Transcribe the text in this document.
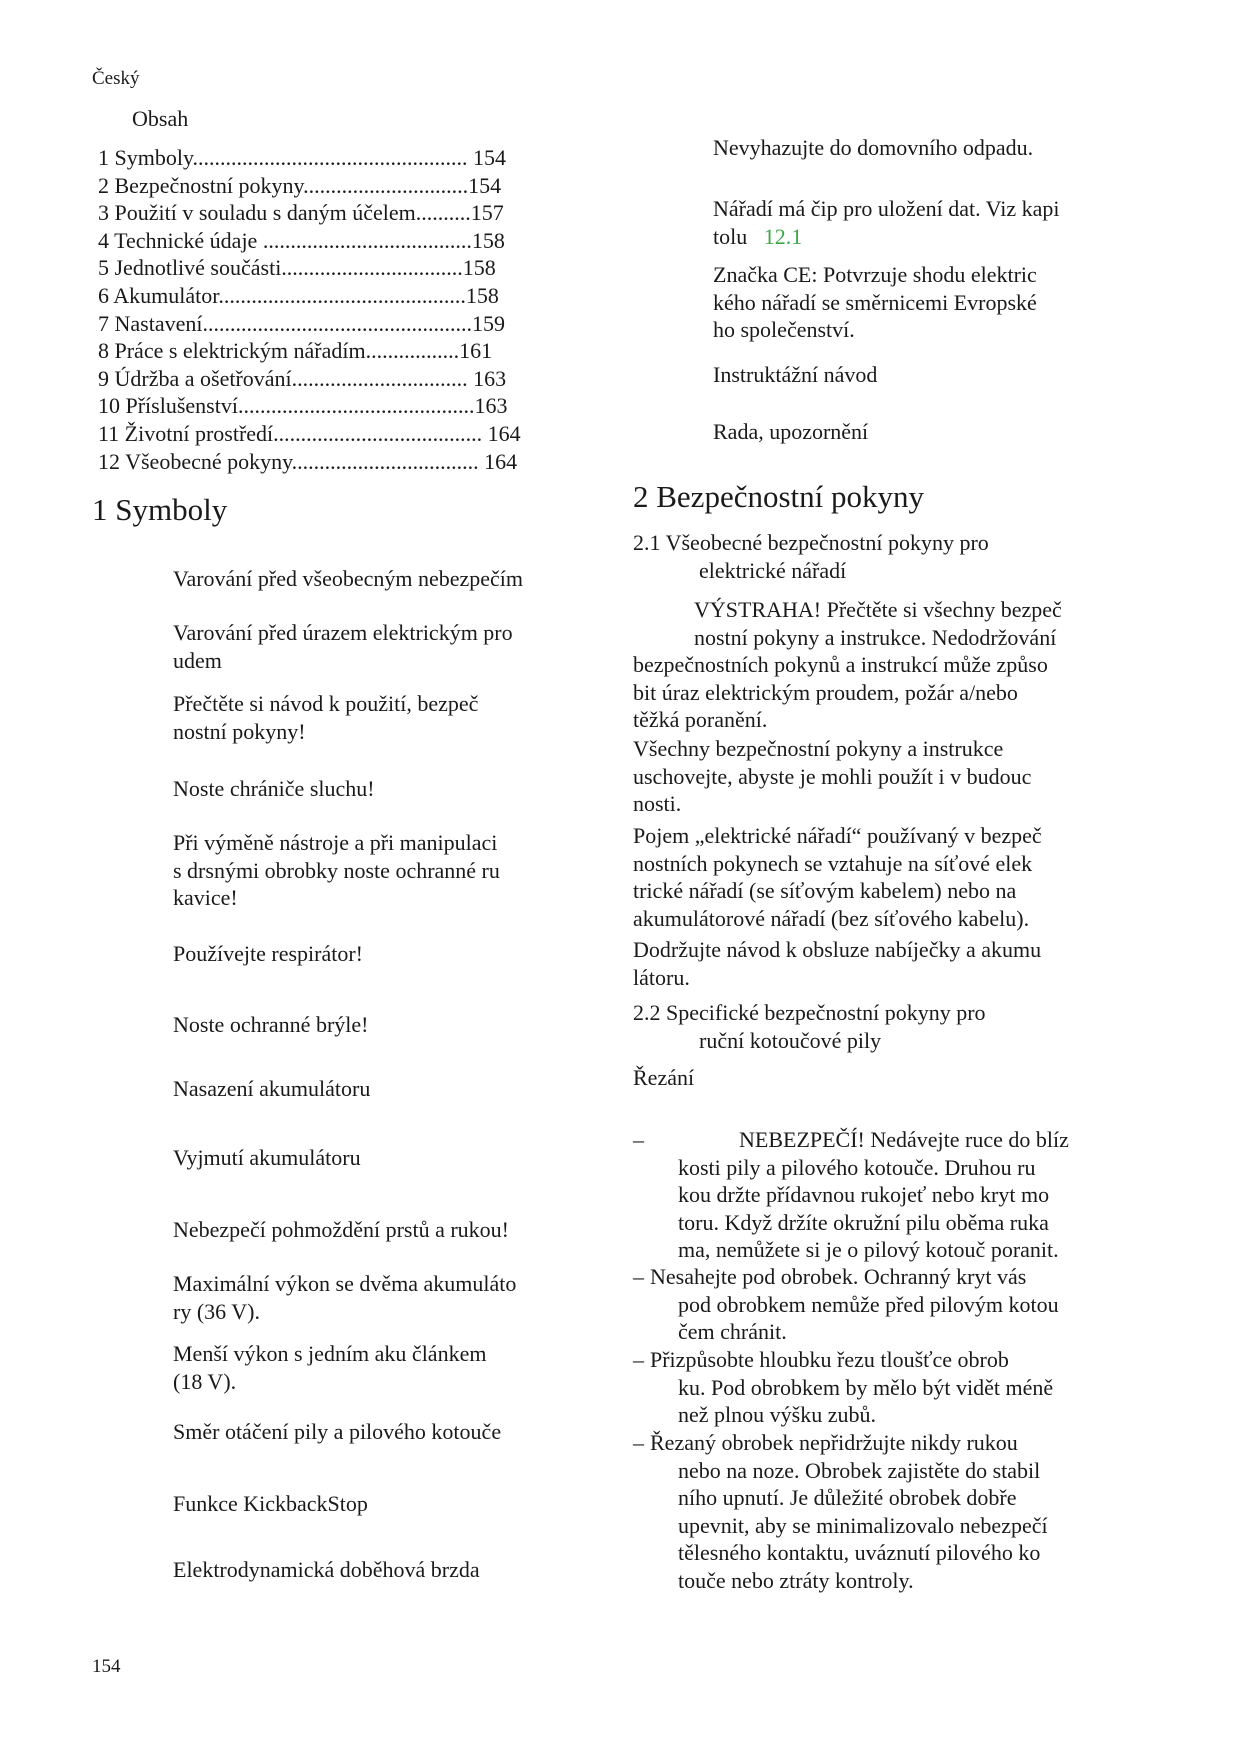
Český
Obsah
1 Symboly.................................................. 154
2 Bezpečnostní pokyny..............................154
3 Použití v souladu s daným účelem..........157
4 Technické údaje ......................................158
5 Jednotlivé součásti.................................158
6 Akumulátor.............................................158
7 Nastavení.................................................159
8 Práce s elektrickým nářadím.................161
9 Údržba a ošetřování................................ 163
10 Příslušenství...........................................163
11 Životní prostředí...................................... 164
12 Všeobecné pokyny.................................. 164
1 Symboly
Varování před všeobecným nebezpečím
Varování před úrazem elektrickým pro⁣
udem
Přečtěte si návod k použití, bezpeč⁣
nostní pokyny!
Noste chrániče sluchu!
Při výměně nástroje a při manipulaci
s drsnými obrobky noste ochranné ru⁣
kavice!
Používejte respirátor!
Noste ochranné brýle!
Nasazení akumulátoru
Vyjmutí akumulátoru
Nebezpečí pohmoždění prstů a rukou!
Maximální výkon se dvěma akumuláto⁣
ry (36 V).
Menší výkon s jedním aku článkem
(18 V).
Směr otáčení pily a pilového kotouče
Funkce KickbackStop
Elektrodynamická doběhová brzda
Nevyhazujte do domovního odpadu.
Nářadí má čip pro uložení dat. Viz kapi⁣
tolu 12.1
Značka CE: Potvrzuje shodu elektric⁣
kého nářadí se směrnicemi Evropské⁣
ho společenství.
Instruktážní návod
Rada, upozornění
2 Bezpečnostní pokyny
2.1 Všeobecné bezpečnostní pokyny pro
elektrické nářadí
VÝSTRAHA! Přečtěte si všechny bezpeč⁣
nostní pokyny a instrukce. Nedodržování
bezpečnostních pokynů a instrukcí může způso⁣
bit úraz elektrickým proudem, požár a/nebo
těžká poranění.
Všechny bezpečnostní pokyny a instrukce
uschovejte, abyste je mohli použít i v budouc⁣
nosti.
Pojem „elektrické nářadí“ používaný v bezpeč⁣
nostních pokynech se vztahuje na síťové elek⁣
trické nářadí (se síťovým kabelem) nebo na
akumulátorové nářadí (bez síťového kabelu).
Dodržujte návod k obsluze nabíječky a akumu⁣
látoru.
2.2 Specifické bezpečnostní pokyny pro
ruční kotoučové pily
Řezání
–	NEBEZPEČÍ! Nedávejte ruce do blíz⁣
kosti pily a pilového kotouče. Druhou ru⁣
kou držte přídavnou rukojeť nebo kryt mo⁣
toru. Když držíte okružní pilu oběma ruka⁣
ma, nemůžete si je o pilový kotouč poranit.
– Nesahejte pod obrobek. Ochranný kryt vás
pod obrobkem nemůže před pilovým kotou⁣
čem chránit.
– Přizpůsobte hloubku řezu tloušťce obrob⁣
ku. Pod obrobkem by mělo být vidět méně
než plnou výšku zubů.
– Řezaný obrobek nepřidržujte nikdy rukou
nebo na noze. Obrobek zajistěte do stabil⁣
ního upnutí. Je důležité obrobek dobře
upevnit, aby se minimalizovalo nebezpečí
tělesného kontaktu, uváznutí pilového ko⁣
touče nebo ztráty kontroly.
154
